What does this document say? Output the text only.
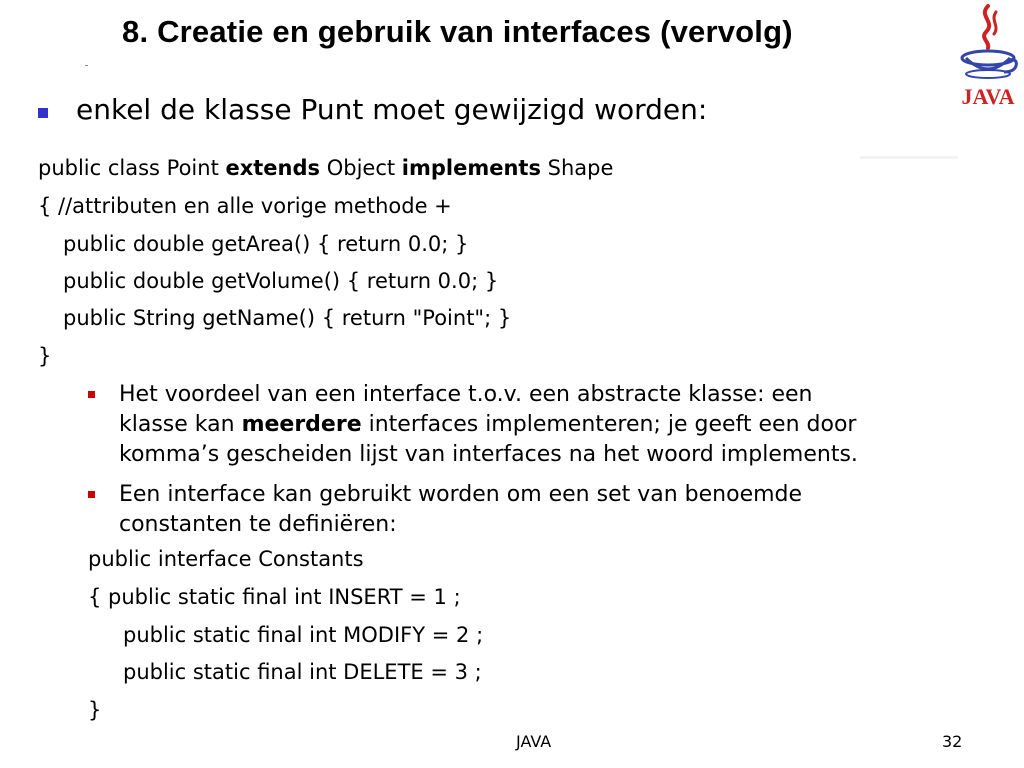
8. Creatie en gebruik van interfaces (vervolg)
JAVA
enkel de klasse Punt moet gewijzigd worden:
public class Point extends Object implements Shape
{ //attributen en alle vorige methode +
public double getArea() { return 0.0; }
public double getVolume() { return 0.0; }
public String getName() { return "Point"; }
}
Het voordeel van een interface t.o.v. een abstracte klasse: een
klasse kan meerdere interfaces implementeren; je geeft een door
komma’s gescheiden lijst van interfaces na het woord implements.
Een interface kan gebruikt worden om een set van benoemde
constanten te definiëren:
public interface Constants
{ public static final int INSERT = 1 ;
public static final int MODIFY = 2 ;
public static final int DELETE = 3 ;
}
JAVA	32
